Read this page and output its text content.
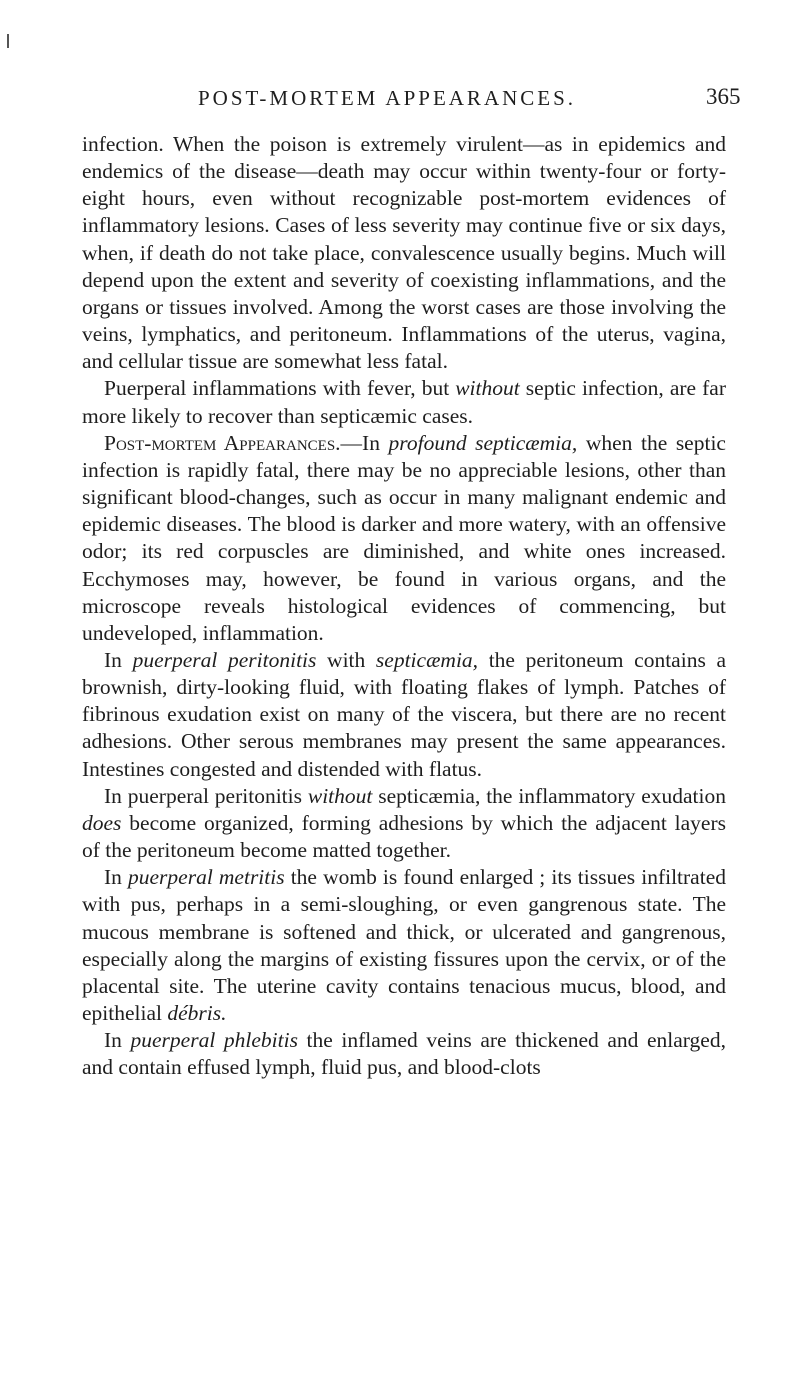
POST-MORTEM APPEARANCES.	365

infection. When the poison is extremely virulent—as in epidemics and endemics of the disease—death may occur within twenty-four or forty-eight hours, even without recognizable post-mortem evidences of inflammatory lesions. Cases of less severity may continue five or six days, when, if death do not take place, convalescence usually begins. Much will depend upon the extent and severity of coexisting inflammations, and the organs or tissues involved. Among the worst cases are those involving the veins, lymphatics, and peritoneum. Inflammations of the uterus, vagina, and cellular tissue are somewhat less fatal.

Puerperal inflammations with fever, but without septic infection, are far more likely to recover than septicæmic cases.

Post-mortem Appearances.—In profound septicæmia, when the septic infection is rapidly fatal, there may be no appreciable lesions, other than significant blood-changes, such as occur in many malignant endemic and epidemic diseases. The blood is darker and more watery, with an offensive odor; its red corpuscles are diminished, and white ones increased. Ecchymoses may, however, be found in various organs, and the microscope reveals histological evidences of commencing, but undeveloped, inflammation.

In puerperal peritonitis with septicæmia, the peritoneum contains a brownish, dirty-looking fluid, with floating flakes of lymph. Patches of fibrinous exudation exist on many of the viscera, but there are no recent adhesions. Other serous membranes may present the same appearances. Intestines congested and distended with flatus.

In puerperal peritonitis without septicæmia, the inflammatory exudation does become organized, forming adhesions by which the adjacent layers of the peritoneum become matted together.

In puerperal metritis the womb is found enlarged ; its tissues infiltrated with pus, perhaps in a semi-sloughing, or even gangrenous state. The mucous membrane is softened and thick, or ulcerated and gangrenous, especially along the margins of existing fissures upon the cervix, or of the placental site. The uterine cavity contains tenacious mucus, blood, and epithelial débris.

In puerperal phlebitis the inflamed veins are thickened and enlarged, and contain effused lymph, fluid pus, and blood-clots
